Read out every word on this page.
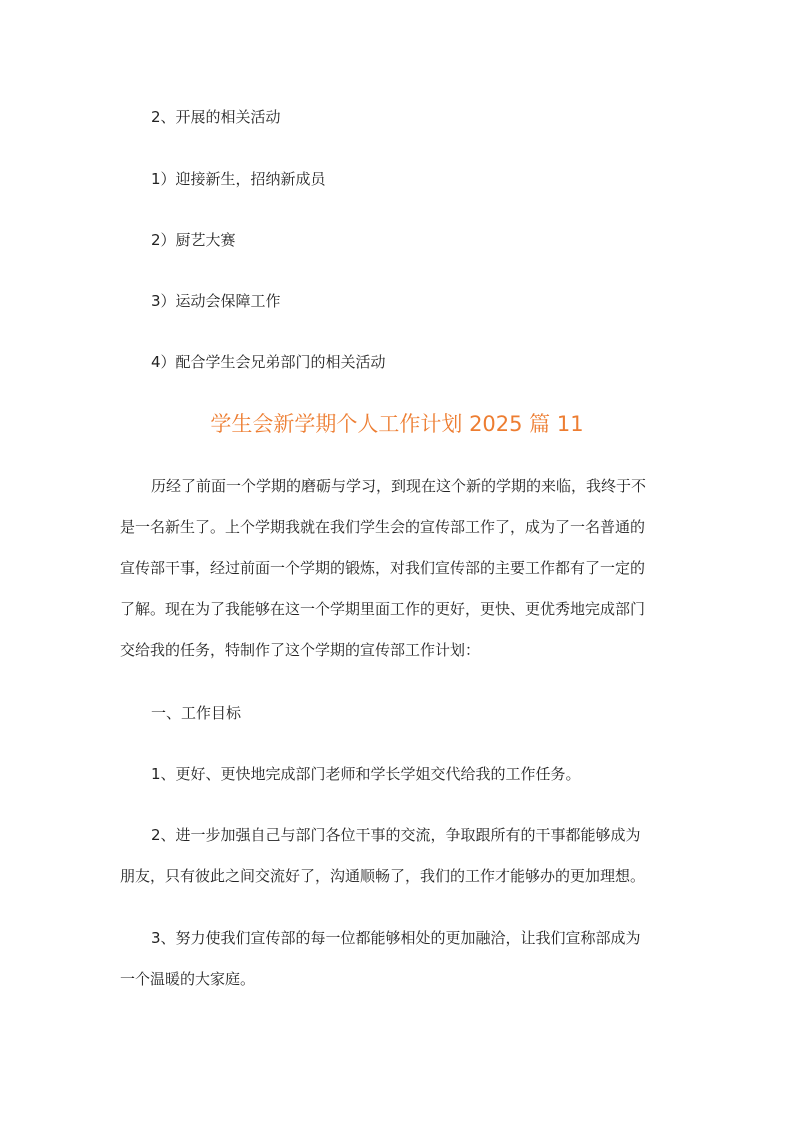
2、开展的相关活动
1）迎接新生，招纳新成员
2）厨艺大赛
3）运动会保障工作
4）配合学生会兄弟部门的相关活动
学生会新学期个人工作计划 2025 篇 11
历经了前面一个学期的磨砺与学习，到现在这个新的学期的来临，我终于不
是一名新生了。上个学期我就在我们学生会的宣传部工作了，成为了一名普通的
宣传部干事，经过前面一个学期的锻炼，对我们宣传部的主要工作都有了一定的
了解。现在为了我能够在这一个学期里面工作的更好，更快、更优秀地完成部门
交给我的任务，特制作了这个学期的宣传部工作计划：
一、工作目标
1、更好、更快地完成部门老师和学长学姐交代给我的工作任务。
2、进一步加强自己与部门各位干事的交流，争取跟所有的干事都能够成为
朋友，只有彼此之间交流好了，沟通顺畅了，我们的工作才能够办的更加理想。
3、努力使我们宣传部的每一位都能够相处的更加融洽，让我们宣称部成为
一个温暖的大家庭。
